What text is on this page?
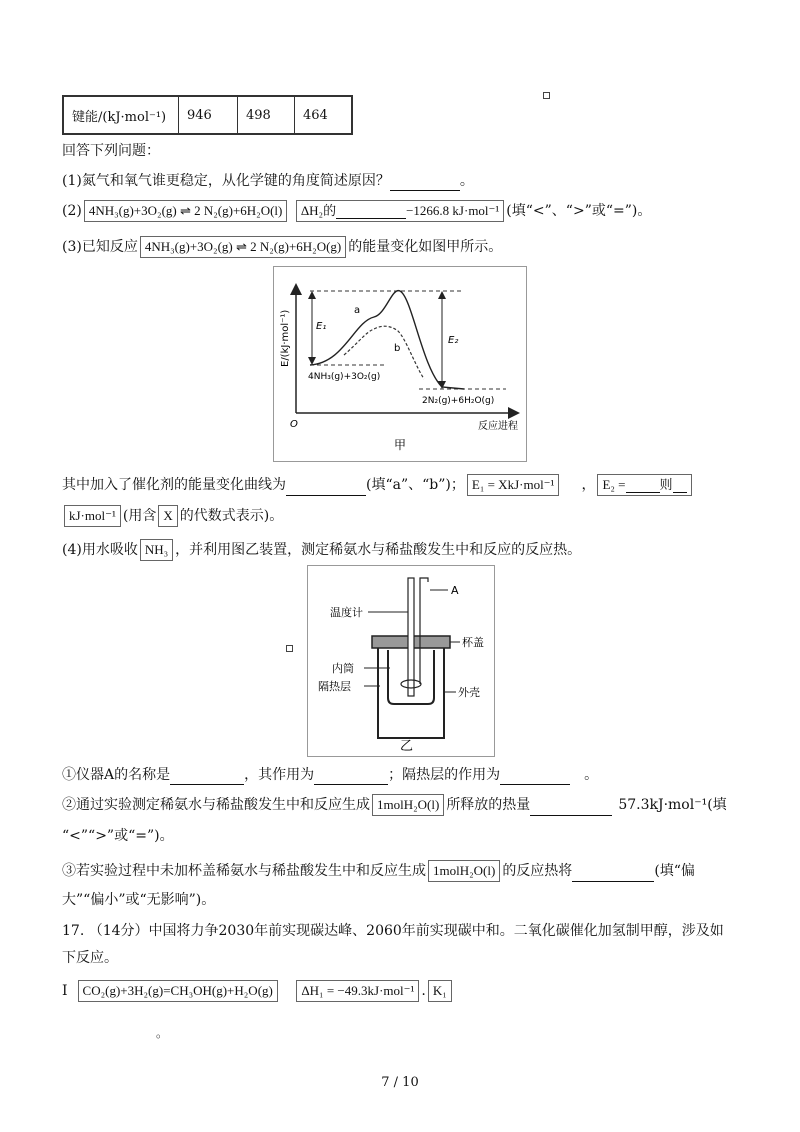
键能/(kJ·mol⁻¹)	946	498	464
回答下列问题：
(1)氮气和氧气谁更稳定，从化学键的角度简述原因？	。
(2) 4NH₃(g)+3O₂(g) ⇌ 2 N₂(g)+6H₂O(l) ΔH₂的	−1266.8 kJ·mol⁻¹ (填“<”、“>”或“=”)。
(3)已知反应 4NH₃(g)+3O₂(g) ⇌ 2 N₂(g)+6H₂O(g) 的能量变化如图甲所示。
E/(kJ·mol⁻¹)
反应进程
O
a
b
E₁
E₂
4NH₃(g)+3O₂(g)
2N₂(g)+6H₂O(g)
甲
其中加入了催化剂的能量变化曲线为	(填“a”、“b”)； E₁ = XkJ·mol⁻¹ ， E₂ =	则
kJ·mol⁻¹ (用含 X 的代数式表示)。
(4)用水吸收 NH₃ ，并利用图乙装置，测定稀氨水与稀盐酸发生中和反应的反应热。
A
温度计
杯盖
内筒
隔热层	外壳
乙
①仪器A的名称是	，其作用为	；隔热层的作用为	。
②通过实验测定稀氨水与稀盐酸发生中和反应生成 1molH₂O(l) 所释放的热量	57.3kJ·mol⁻¹(填
“<”“>”或“=”)。
③若实验过程中未加杯盖稀氨水与稀盐酸发生中和反应生成 1molH₂O(l) 的反应热将	(填“偏
大”“偏小”或“无影响”)。
17. （14分）中国将力争2030年前实现碳达峰、2060年前实现碳中和。二氧化碳催化加氢制甲醇，涉及如
下反应。
Ⅰ CO₂(g)+3H₂(g)=CH₃OH(g)+H₂O(g) ΔH₁ = −49.3kJ·mol⁻¹ . K₁
。
7 / 10
